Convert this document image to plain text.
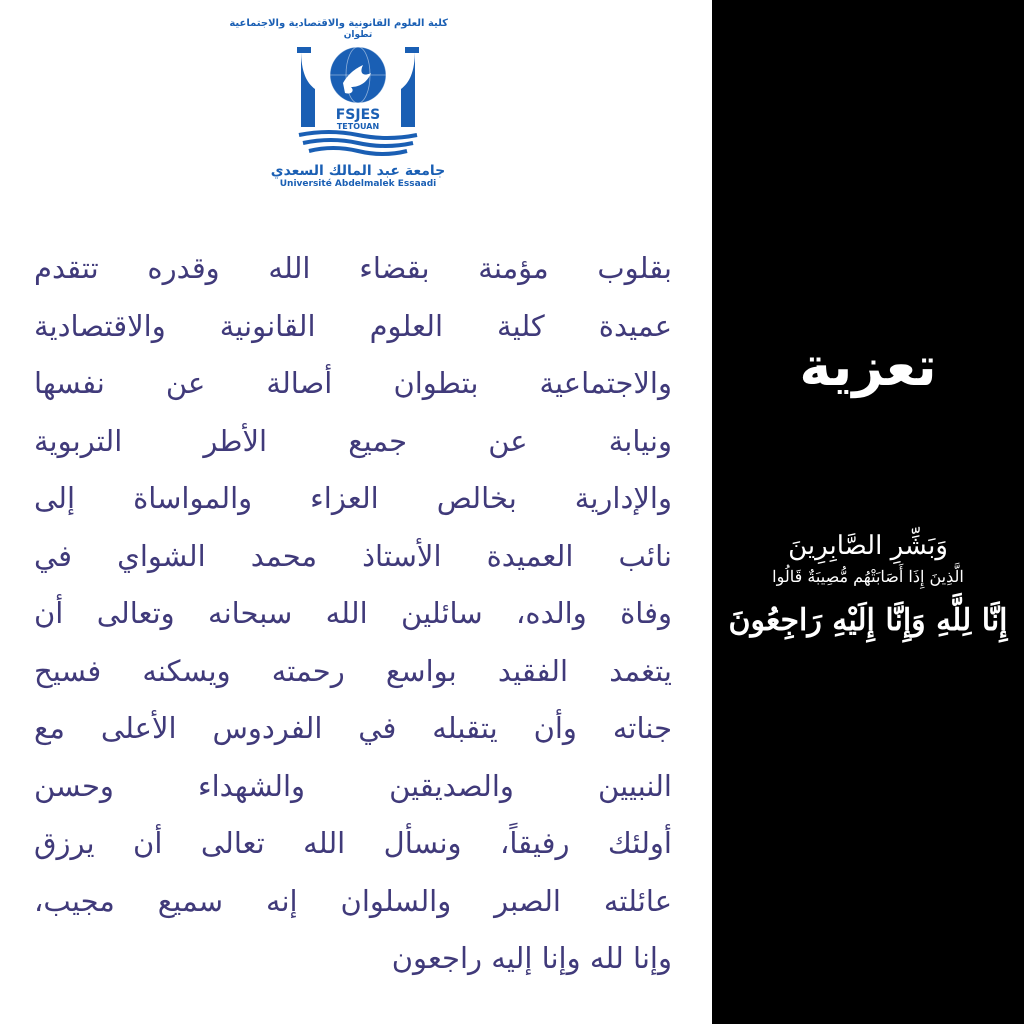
كلية العلوم القانونية والاقتصادية والاجتماعية
تطوان
FSJES
TETOUAN
جامعة عبد المالك السعدي
Université Abdelmalek Essaadi
بقلوب مؤمنة بقضاء الله وقدره تتقدم
عميدة كلية العلوم القانونية والاقتصادية
والاجتماعية بتطوان أصالة عن نفسها
ونيابة عن جميع الأطر التربوية
والإدارية بخالص العزاء والمواساة إلى
نائب العميدة الأستاذ محمد الشواي في
وفاة والده، سائلين الله سبحانه وتعالى أن
يتغمد الفقيد بواسع رحمته ويسكنه فسيح
جناته وأن يتقبله في الفردوس الأعلى مع
النبيين والصديقين والشهداء وحسن
أولئك رفيقاً، ونسأل الله تعالى أن يرزق
عائلته الصبر والسلوان إنه سميع مجيب،
وإنا لله وإنا إليه راجعون
تعزية
وَبَشِّرِ الصَّابِرِينَ
الَّذِينَ إِذَا أَصَابَتْهُم مُّصِيبَةٌ قَالُوا
إِنَّا لِلَّهِ وَإِنَّا إِلَيْهِ رَاجِعُونَ
